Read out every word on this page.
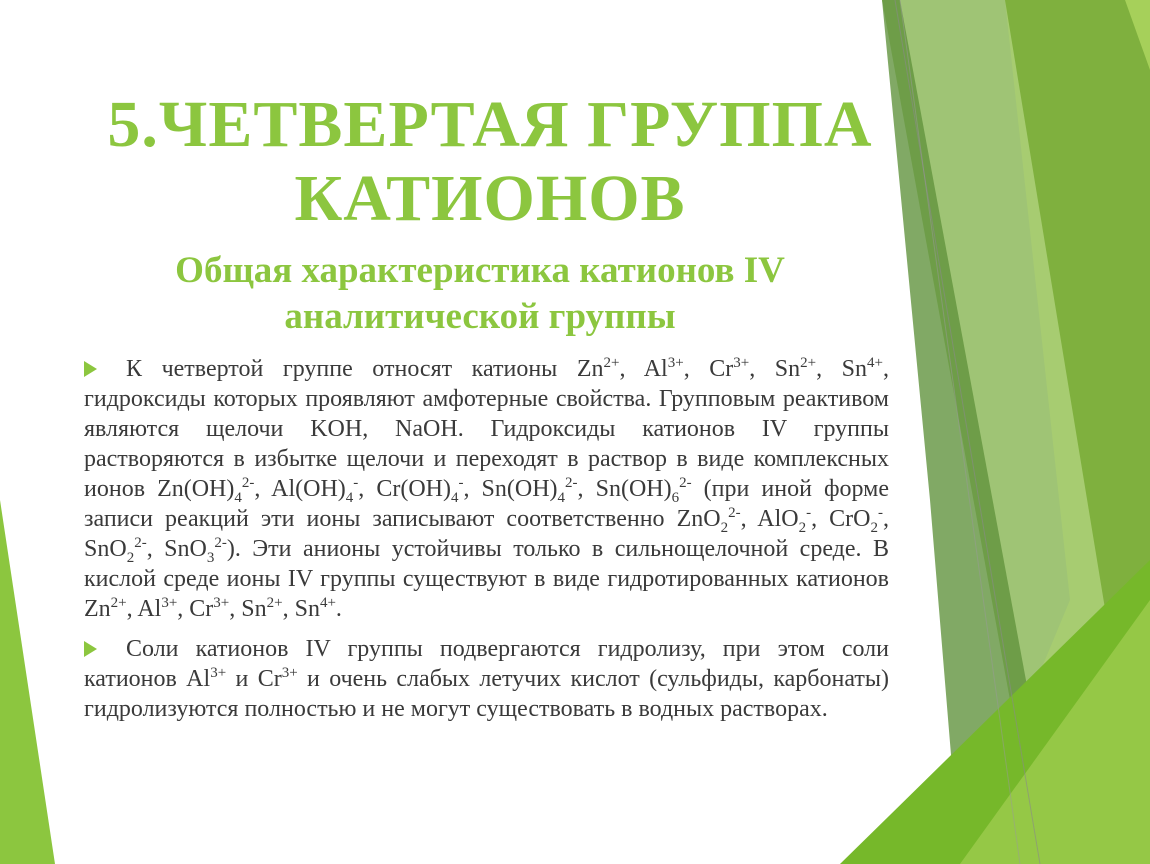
5.ЧЕТВЕРТАЯ ГРУППА
КАТИОНОВ
Общая характеристика катионов IV
аналитической группы
К четвертой группе относят катионы $Zn^{2+}$, $Al^{3+}$, $Cr^{3+}$, $Sn^{2+}$, $Sn^{4+}$, гидроксиды которых проявляют амфотерные свойства. Групповым реактивом являются щелочи KOH, NaOH. Гидроксиды катионов IV группы растворяются в избытке щелочи и переходят в раствор в виде комплексных ионов $Zn(OH)_4^{2-}$, $Al(OH)_4^-$, $Cr(OH)_4^-$, $Sn(OH)_4^{2-}$, $Sn(OH)_6^{2-}$ (при иной форме записи реакций эти ионы записывают соответственно ZnO$_2^{2-}$, AlO$_2$-, CrO$_2$-, SnO$_2^{2-}$, SnO$_3^{2-}$). Эти анионы устойчивы только в сильнощелочной среде. В кислой среде ионы IV группы существуют в виде гидротированных катионов $Zn^{2+}$, $Al^{3+}$, $Cr^{3+}$, $Sn^{2+}$, $Sn^{4+}$.
Соли катионов IV группы подвергаются гидролизу, при этом соли катионов $Al^{3+}$ и $Cr^{3+}$ и очень слабых летучих кислот (сульфиды, карбонаты) гидролизуются полностью и не могут существовать в водных растворах.
